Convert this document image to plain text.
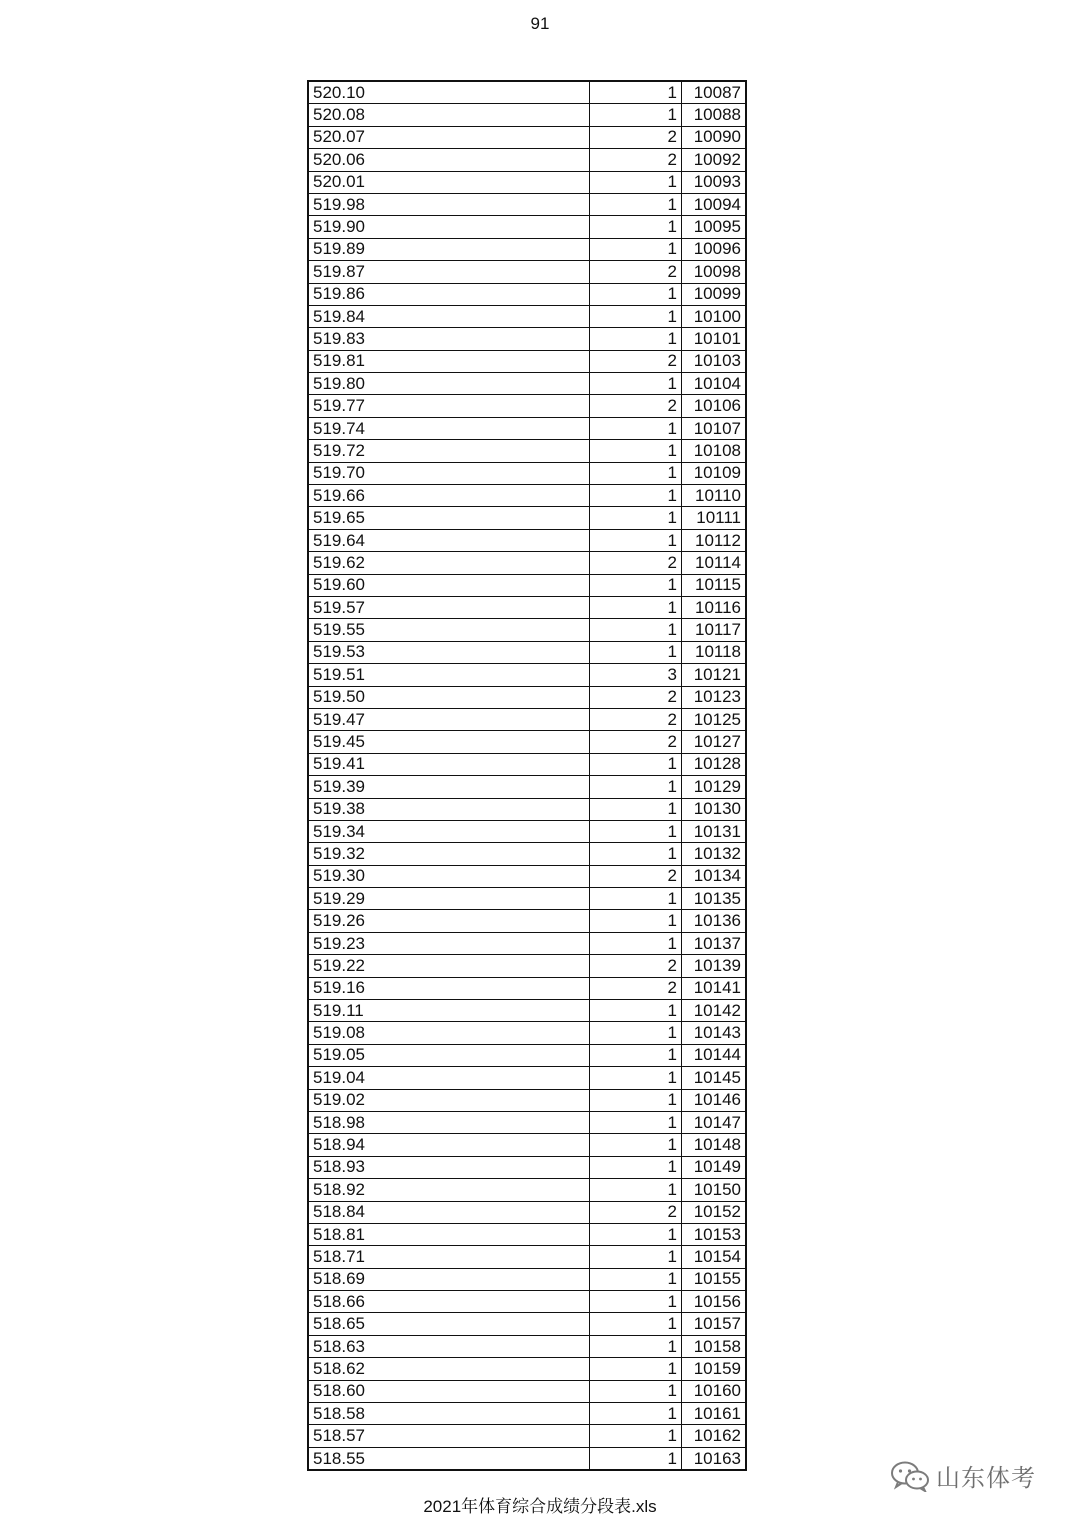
91
520.10	1	10087
520.08	1	10088
520.07	2	10090
520.06	2	10092
520.01	1	10093
519.98	1	10094
519.90	1	10095
519.89	1	10096
519.87	2	10098
519.86	1	10099
519.84	1	10100
519.83	1	10101
519.81	2	10103
519.80	1	10104
519.77	2	10106
519.74	1	10107
519.72	1	10108
519.70	1	10109
519.66	1	10110
519.65	1	10111
519.64	1	10112
519.62	2	10114
519.60	1	10115
519.57	1	10116
519.55	1	10117
519.53	1	10118
519.51	3	10121
519.50	2	10123
519.47	2	10125
519.45	2	10127
519.41	1	10128
519.39	1	10129
519.38	1	10130
519.34	1	10131
519.32	1	10132
519.30	2	10134
519.29	1	10135
519.26	1	10136
519.23	1	10137
519.22	2	10139
519.16	2	10141
519.11	1	10142
519.08	1	10143
519.05	1	10144
519.04	1	10145
519.02	1	10146
518.98	1	10147
518.94	1	10148
518.93	1	10149
518.92	1	10150
518.84	2	10152
518.81	1	10153
518.71	1	10154
518.69	1	10155
518.66	1	10156
518.65	1	10157
518.63	1	10158
518.62	1	10159
518.60	1	10160
518.58	1	10161
518.57	1	10162
518.55	1	10163
山东体考
2021年体育综合成绩分段表.xls
